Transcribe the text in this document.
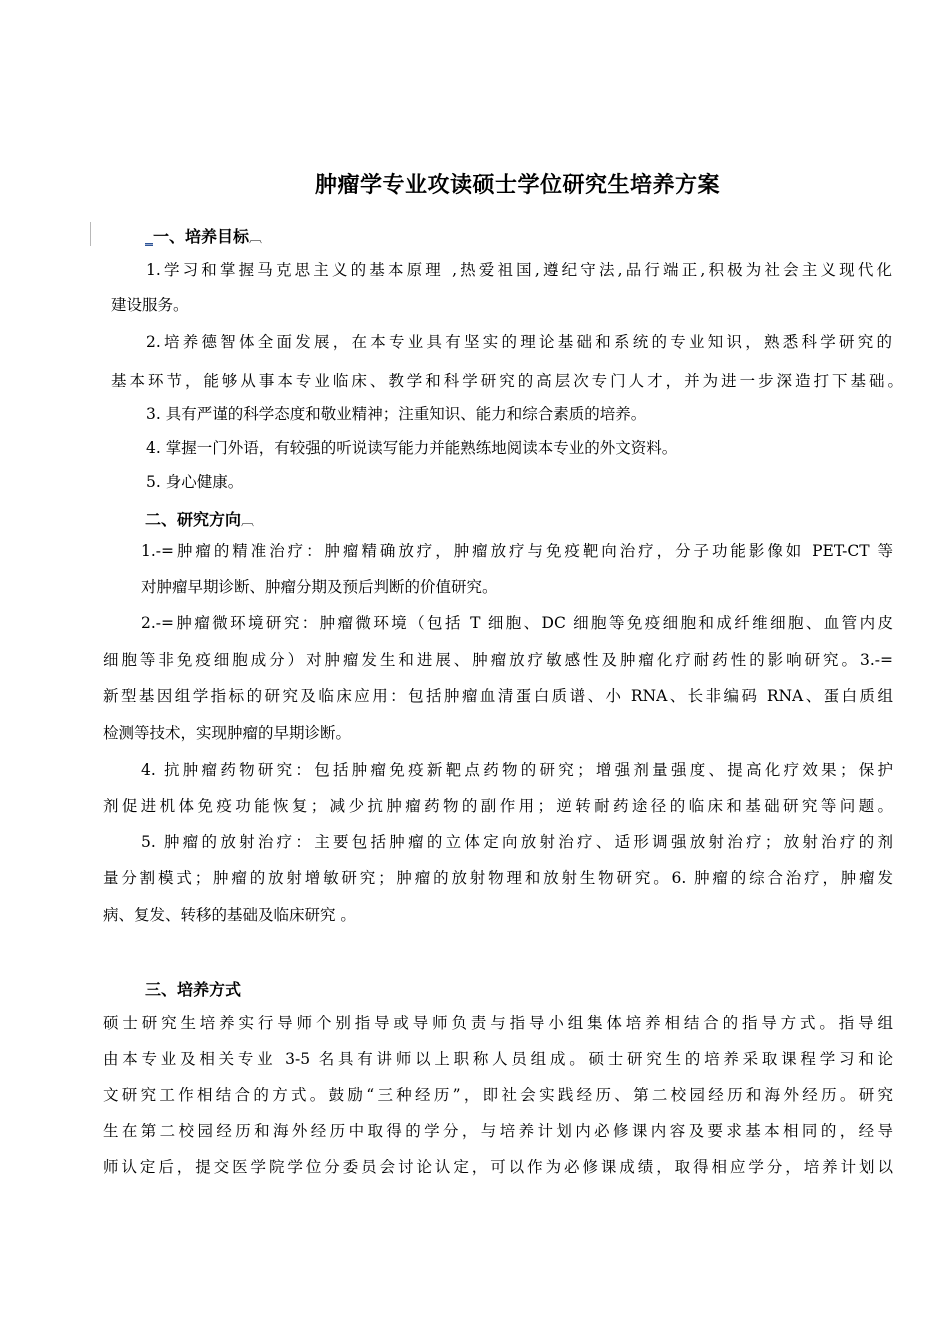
肿瘤学专业攻读硕士学位研究生培养方案
_一、培养目标︹
1.学习和掌握马克思主义的基本原理 ,热爱祖国,遵纪守法,品行端正,积极为社会主义现代化
建设服务。
2.培养德智体全面发展，在本专业具有坚实的理论基础和系统的专业知识，熟悉科学研究的
基本环节，能够从事本专业临床、教学和科学研究的高层次专门人才，并为进一步深造打下基础。
3. 具有严谨的科学态度和敬业精神；注重知识、能力和综合素质的培养。
4. 掌握一门外语，有较强的听说读写能力并能熟练地阅读本专业的外文资料。
5. 身心健康。
二、研究方向︹
1.-=肿瘤的精准治疗：肿瘤精确放疗，肿瘤放疗与免疫靶向治疗，分子功能影像如 PET-CT 等
对肿瘤早期诊断、肿瘤分期及预后判断的价值研究。
2.-=肿瘤微环境研究：肿瘤微环境（包括 T 细胞、DC 细胞等免疫细胞和成纤维细胞、血管内皮
细胞等非免疫细胞成分）对肿瘤发生和进展、肿瘤放疗敏感性及肿瘤化疗耐药性的影响研究。3.-=
新型基因组学指标的研究及临床应用：包括肿瘤血清蛋白质谱、小 RNA、长非编码 RNA、蛋白质组
检测等技术，实现肿瘤的早期诊断。
4. 抗肿瘤药物研究：包括肿瘤免疫新靶点药物的研究；增强剂量强度、提高化疗效果；保护
剂促进机体免疫功能恢复；减少抗肿瘤药物的副作用；逆转耐药途径的临床和基础研究等问题。
5. 肿瘤的放射治疗：主要包括肿瘤的立体定向放射治疗、适形调强放射治疗；放射治疗的剂
量分割模式；肿瘤的放射增敏研究；肿瘤的放射物理和放射生物研究。6. 肿瘤的综合治疗，肿瘤发
病、复发、转移的基础及临床研究 。
三、培养方式
硕士研究生培养实行导师个别指导或导师负责与指导小组集体培养相结合的指导方式。指导组
由本专业及相关专业 3-5 名具有讲师以上职称人员组成。硕士研究生的培养采取课程学习和论
文研究工作相结合的方式。鼓励“三种经历”，即社会实践经历、第二校园经历和海外经历。研究
生在第二校园经历和海外经历中取得的学分，与培养计划内必修课内容及要求基本相同的，经导
师认定后，提交医学院学位分委员会讨论认定，可以作为必修课成绩，取得相应学分，培养计划以
